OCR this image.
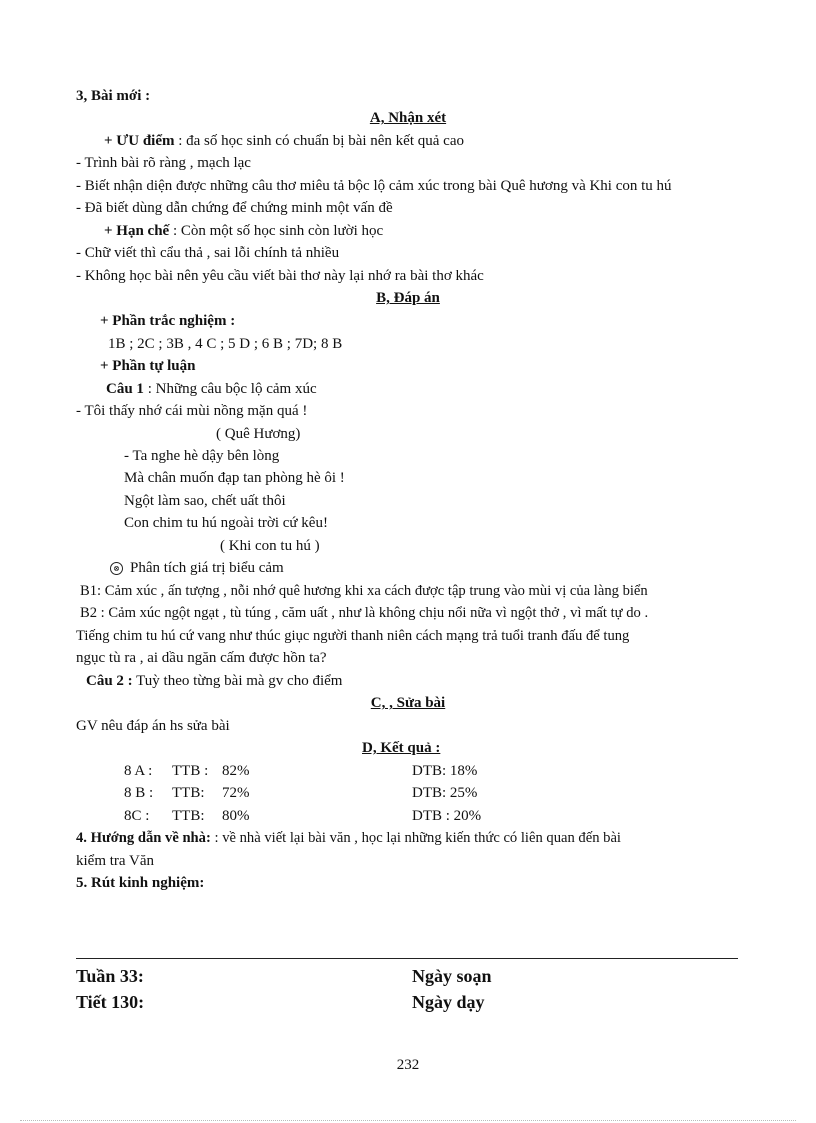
3, Bài mới :
A, Nhận xét
+ ƯU điểm : đa số học sinh có chuẩn bị bài nên kết quả cao
- Trình bài rõ ràng , mạch lạc
- Biết nhận diện được những câu thơ miêu tả bộc lộ cảm xúc trong bài Quê hương và Khi con tu hú
- Đã biết dùng dẫn chứng để chứng minh một vấn đề
+ Hạn chế : Còn một số học sinh còn lười học
- Chữ viết thì cẩu thả , sai lỗi chính tả nhiều
- Không học bài nên yêu cầu viết bài thơ này lại nhớ ra bài thơ khác
B, Đáp án
+ Phần trắc nghiệm :
1B ; 2C ; 3B , 4 C ; 5 D ; 6 B ; 7D; 8 B
+ Phần tự luận
Câu 1 : Những câu bộc lộ cảm xúc
- Tôi thấy nhớ cái mùi nồng mặn quá !
( Quê Hương)
- Ta nghe hè dậy bên lòng
Mà chân muốn đạp tan phòng hè ôi !
Ngột làm sao, chết uất thôi
Con chim tu hú ngoài trời cứ kêu!
( Khi con tu hú )
⊗ Phân tích giá trị biểu cảm
B1: Cảm xúc , ấn tượng , nỗi nhớ quê hương khi xa cách được tập trung vào mùi vị của làng biển
B2 : Cảm xúc ngột ngạt , tù túng , căm uất , như là không chịu nổi nữa vì ngột thở , vì mất tự do .
Tiếng chim tu hú cứ vang như thúc giục người thanh niên cách mạng trả tuổi tranh đấu để tung
ngục tù ra , ai dầu ngăn cấm được hồn ta?
Câu 2 : Tuỳ theo từng bài mà gv cho điểm
C, , Sửa bài
GV nêu đáp án hs sửa bài
D, Kết quả :
8 A : TTB : 82%	DTB: 18%
8 B : TTB: 72%	DTB: 25%
8C : TTB: 80%	DTB : 20%
4. Hướng dẫn về nhà: : về nhà viết lại bài văn , học lại những kiến thức có liên quan đến bài
kiểm tra Văn
5. Rút kinh nghiệm:
Tuần 33:	Ngày soạn
Tiết 130:	Ngày dạy
232
